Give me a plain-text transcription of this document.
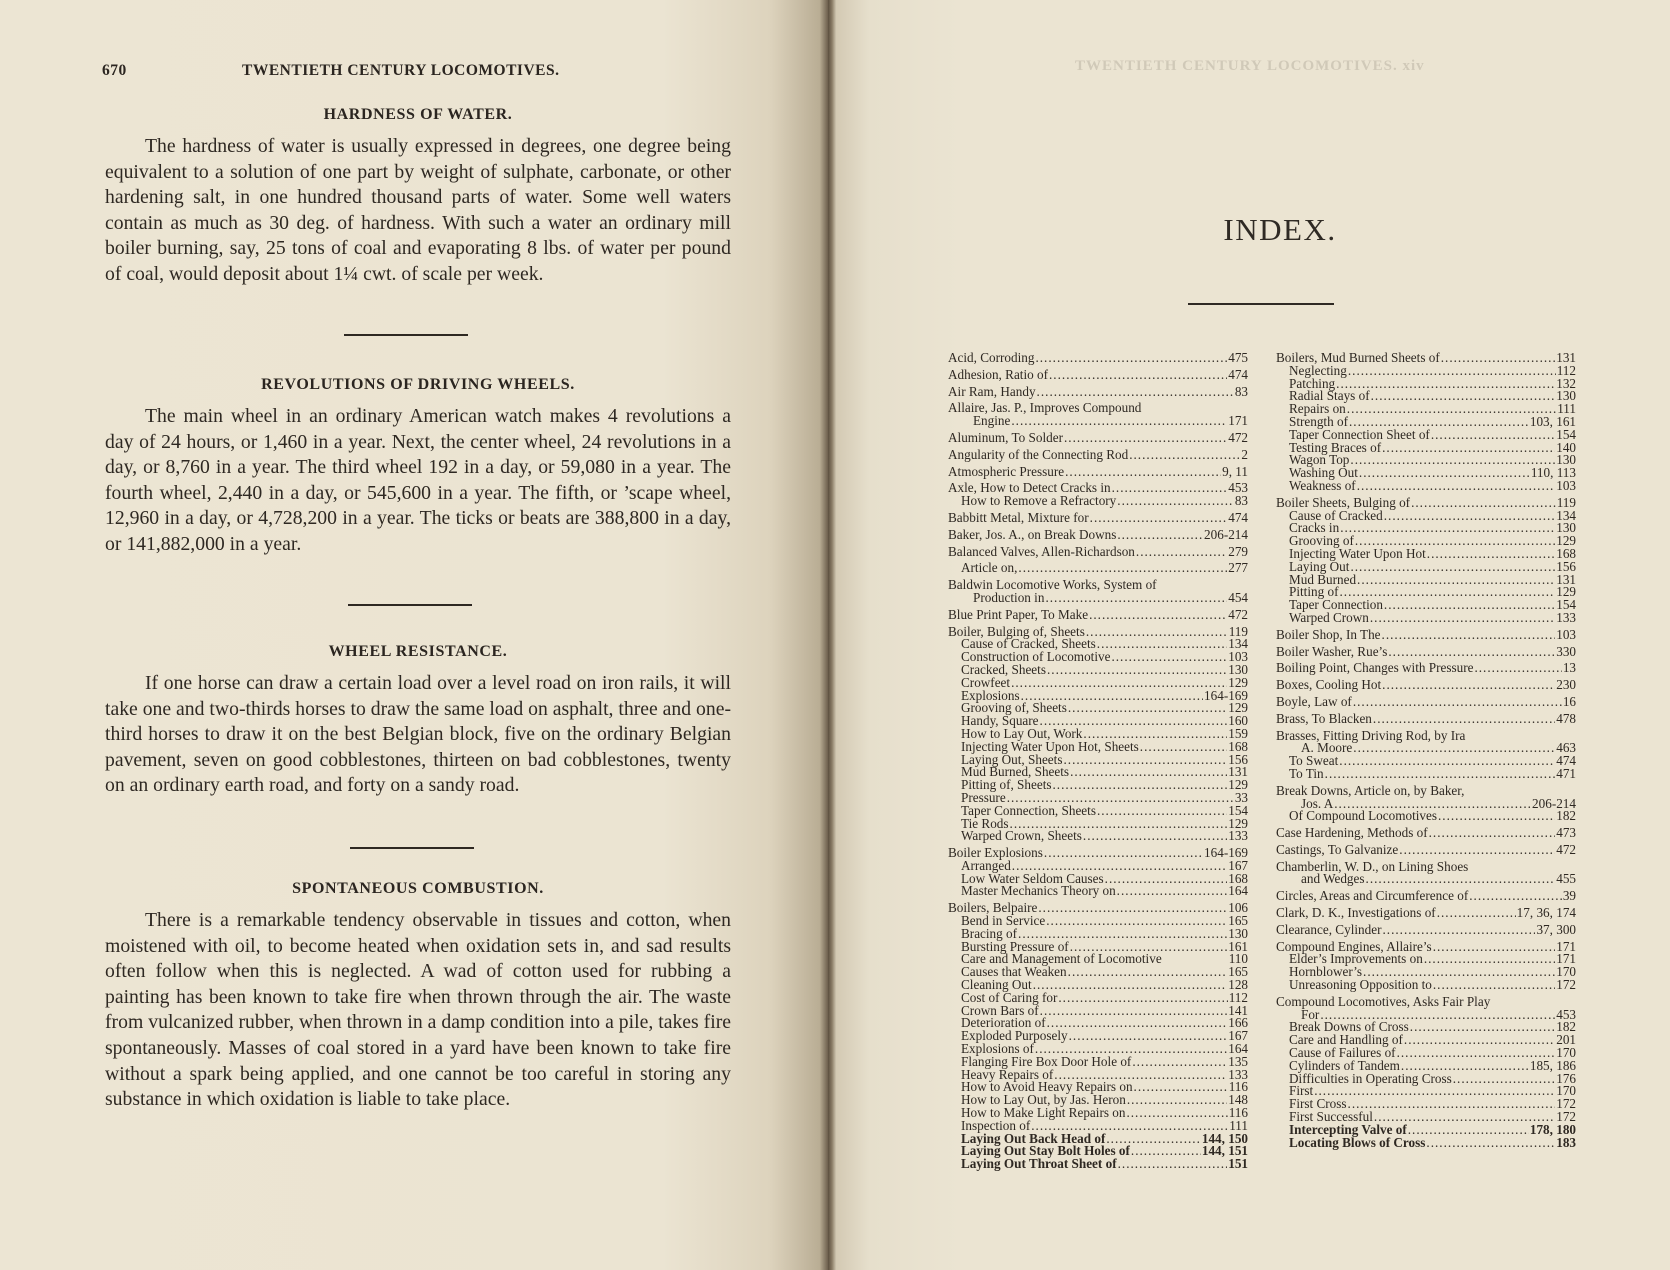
670	TWENTIETH CENTURY LOCOMOTIVES.
HARDNESS OF WATER.

The hardness of water is usually expressed in degrees, one degree being equivalent to a solution of one part by weight of sulphate, carbonate, or other hardening salt, in one hundred thousand parts of water. Some well waters contain as much as 30 deg. of hardness. With such a water an ordinary mill boiler burning, say, 25 tons of coal and evaporating 8 lbs. of water per pound of coal, would deposit about 1¼ cwt. of scale per week.

REVOLUTIONS OF DRIVING WHEELS.

The main wheel in an ordinary American watch makes 4 revolutions a day of 24 hours, or 1,460 in a year. Next, the center wheel, 24 revolutions in a day, or 8,760 in a year. The third wheel 192 in a day, or 59,080 in a year. The fourth wheel, 2,440 in a day, or 545,600 in a year. The fifth, or ’scape wheel, 12,960 in a day, or 4,728,200 in a year. The ticks or beats are 388,800 in a day, or 141,882,000 in a year.

WHEEL RESISTANCE.

If one horse can draw a certain load over a level road on iron rails, it will take one and two-thirds horses to draw the same load on asphalt, three and one-third horses to draw it on the best Belgian block, five on the ordinary Belgian pavement, seven on good cobblestones, thirteen on bad cobblestones, twenty on an ordinary earth road, and forty on a sandy road.

SPONTANEOUS COMBUSTION.

There is a remarkable tendency observable in tissues and cotton, when moistened with oil, to become heated when oxidation sets in, and sad results often follow when this is neglected. A wad of cotton used for rubbing a painting has been known to take fire when thrown through the air. The waste from vulcanized rubber, when thrown in a damp condition into a pile, takes fire spontaneously. Masses of coal stored in a yard have been known to take fire without a spark being applied, and one cannot be too careful in storing any substance in which oxidation is liable to take place.

TWENTIETH CENTURY LOCOMOTIVES. xiv
INDEX.
Acid, Corroding .....	475
Adhesion, Ratio of .....	474
Air Ram, Handy .....	83
Allaire, Jas. P., Improves Compound
Engine .....	171
Aluminum, To Solder .....	472
Angularity of the Connecting Rod .....	2
Atmospheric Pressure .....	9, 11
Axle, How to Detect Cracks in .....	453
How to Remove a Refractory .....	83
Babbitt Metal, Mixture for .....	474
Baker, Jos. A., on Break Downs .....	206-214
Balanced Valves, Allen-Richardson .....	279
Article on, .....	277
Baldwin Locomotive Works, System of
Production in .....	454
Blue Print Paper, To Make .....	472
Boiler, Bulging of, Sheets .....	119
Cause of Cracked, Sheets .....	134
Construction of Locomotive .....	103
Cracked, Sheets .....	130
Crowfeet .....	129
Explosions .....	164-169
Grooving of, Sheets .....	129
Handy, Square .....	160
How to Lay Out, Work .....	159
Injecting Water Upon Hot, Sheets .....	168
Laying Out, Sheets .....	156
Mud Burned, Sheets .....	131
Pitting of, Sheets .....	129
Pressure .....	33
Taper Connection, Sheets .....	154
Tie Rods .....	129
Warped Crown, Sheets .....	133
Boiler Explosions .....	164-169
Arranged .....	167
Low Water Seldom Causes .....	168
Master Mechanics Theory on .....	164
Boilers, Belpaire .....	106
Bend in Service .....	165
Bracing of .....	130
Bursting Pressure of .....	161
Care and Management of Locomotive	110
Causes that Weaken .....	165
Cleaning Out .....	128
Cost of Caring for .....	112
Crown Bars of .....	141
Deterioration of .....	166
Exploded Purposely .....	167
Explosions of .....	164
Flanging Fire Box Door Hole of .....	135
Heavy Repairs of .....	133
How to Avoid Heavy Repairs on .....	116
How to Lay Out, by Jas. Heron .....	148
How to Make Light Repairs on .....	116
Inspection of .....	111
Laying Out Back Head of .....	144, 150
Laying Out Stay Bolt Holes of .....	144, 151
Laying Out Throat Sheet of .....	151
Boilers, Mud Burned Sheets of .....	131
Neglecting .....	112
Patching .....	132
Radial Stays of .....	130
Repairs on .....	111
Strength of .....	103, 161
Taper Connection Sheet of .....	154
Testing Braces of .....	140
Wagon Top .....	130
Washing Out .....	110, 113
Weakness of .....	103
Boiler Sheets, Bulging of .....	119
Cause of Cracked .....	134
Cracks in .....	130
Grooving of .....	129
Injecting Water Upon Hot .....	168
Laying Out .....	156
Mud Burned .....	131
Pitting of .....	129
Taper Connection .....	154
Warped Crown .....	133
Boiler Shop, In The .....	103
Boiler Washer, Rue’s .....	330
Boiling Point, Changes with Pressure .....	13
Boxes, Cooling Hot .....	230
Boyle, Law of .....	16
Brass, To Blacken .....	478
Brasses, Fitting Driving Rod, by Ira
A. Moore .....	463
To Sweat .....	474
To Tin .....	471
Break Downs, Article on, by Baker,
Jos. A .....	206-214
Of Compound Locomotives .....	182
Case Hardening, Methods of .....	473
Castings, To Galvanize .....	472
Chamberlin, W. D., on Lining Shoes
and Wedges .....	455
Circles, Areas and Circumference of .....	39
Clark, D. K., Investigations of .....	17, 36, 174
Clearance, Cylinder .....	37, 300
Compound Engines, Allaire’s .....	171
Elder’s Improvements on .....	171
Hornblower’s .....	170
Unreasoning Opposition to .....	172
Compound Locomotives, Asks Fair Play
For .....	453
Break Downs of Cross .....	182
Care and Handling of .....	201
Cause of Failures of .....	170
Cylinders of Tandem .....	185, 186
Difficulties in Operating Cross .....	176
First .....	170
First Cross .....	172
First Successful .....	172
Intercepting Valve of .....	178, 180
Locating Blows of Cross .....	183
